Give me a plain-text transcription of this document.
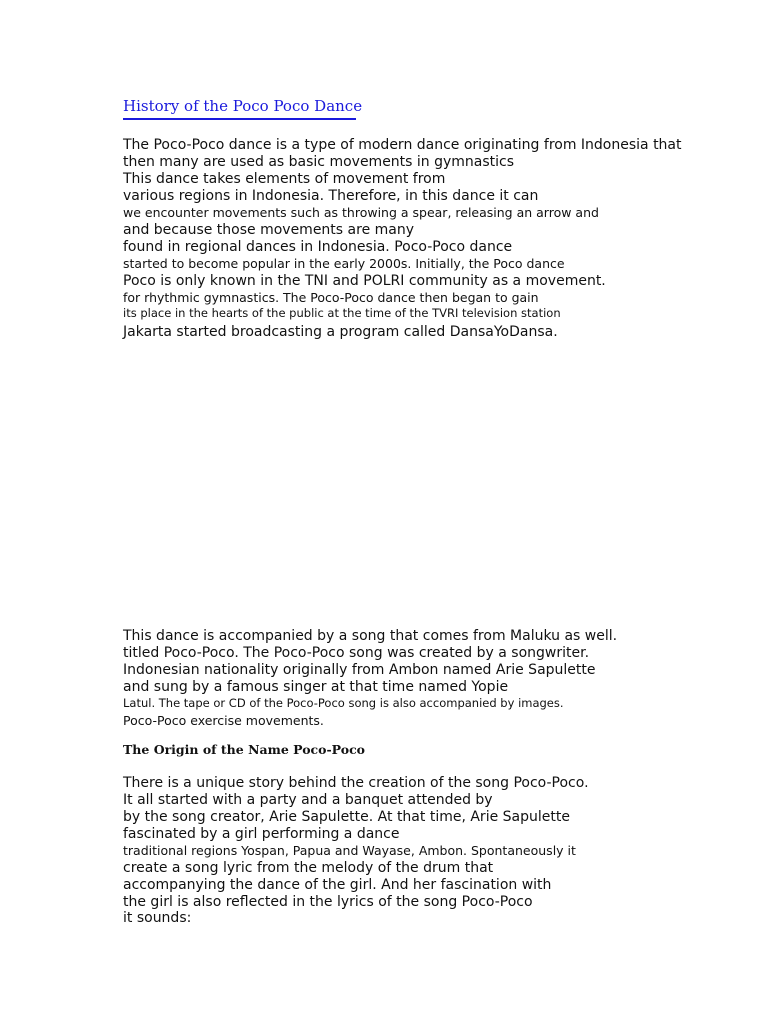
History of the Poco Poco Dance
The Poco-Poco dance is a type of modern dance originating from Indonesia that
then many are used as basic movements in gymnastics
This dance takes elements of movement from
various regions in Indonesia. Therefore, in this dance it can
we encounter movements such as throwing a spear, releasing an arrow and
and because those movements are many
found in regional dances in Indonesia. Poco-Poco dance
started to become popular in the early 2000s. Initially, the Poco dance
Poco is only known in the TNI and POLRI community as a movement.
for rhythmic gymnastics. The Poco-Poco dance then began to gain
its place in the hearts of the public at the time of the TVRI television station
Jakarta started broadcasting a program called DansaYoDansa.
This dance is accompanied by a song that comes from Maluku as well.
titled Poco-Poco. The Poco-Poco song was created by a songwriter.
Indonesian nationality originally from Ambon named Arie Sapulette
and sung by a famous singer at that time named Yopie
Latul. The tape or CD of the Poco-Poco song is also accompanied by images.
Poco-Poco exercise movements.
The Origin of the Name Poco-Poco
There is a unique story behind the creation of the song Poco-Poco.
It all started with a party and a banquet attended by
by the song creator, Arie Sapulette. At that time, Arie Sapulette
fascinated by a girl performing a dance
traditional regions Yospan, Papua and Wayase, Ambon. Spontaneously it
create a song lyric from the melody of the drum that
accompanying the dance of the girl. And her fascination with
the girl is also reflected in the lyrics of the song Poco-Poco
it sounds:
